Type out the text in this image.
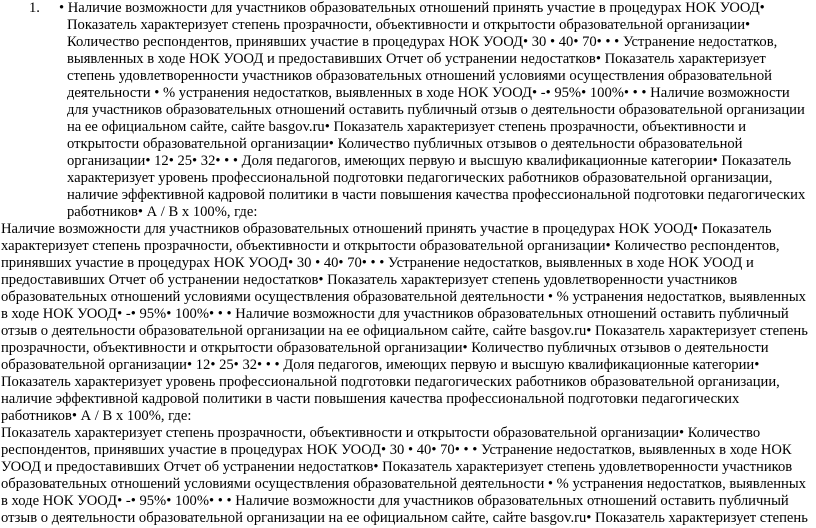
1. • Наличие возможности для участников образовательных отношений принять участие в процедурах НОК УООД• Показатель характеризует степень прозрачности, объективности и открытости образовательной организации• Количество респондентов, принявших участие в процедурах НОК УООД• 30 • 40• 70• • • Устранение недостатков, выявленных в ходе НОК УООД и предоставивших Отчет об устранении недостатков• Показатель характеризует степень удовлетворенности участников образовательных отношений условиями осуществления образовательной деятельности • % устранения недостатков, выявленных в ходе НОК УООД• -• 95%• 100%• • • Наличие возможности для участников образовательных отношений оставить публичный отзыв о деятельности образовательной организации на ее официальном сайте, сайте basgov.ru• Показатель характеризует степень прозрачности, объективности и открытости образовательной организации• Количество публичных отзывов о деятельности образовательной организации• 12• 25• 32• • • Доля педагогов, имеющих первую и высшую квалификационные категории• Показатель характеризует уровень профессиональной подготовки педагогических работников образовательной организации, наличие эффективной кадровой политики в части повышения качества профессиональной подготовки педагогических работников• А / В х 100%, где:

Наличие возможности для участников образовательных отношений принять участие в процедурах НОК УООД• Показатель характеризует степень прозрачности, объективности и открытости образовательной организации• Количество респондентов, принявших участие в процедурах НОК УООД• 30 • 40• 70• • • Устранение недостатков, выявленных в ходе НОК УООД и предоставивших Отчет об устранении недостатков• Показатель характеризует степень удовлетворенности участников образовательных отношений условиями осуществления образовательной деятельности • % устранения недостатков, выявленных в ходе НОК УООД• -• 95%• 100%• • • Наличие возможности для участников образовательных отношений оставить публичный отзыв о деятельности образовательной организации на ее официальном сайте, сайте basgov.ru• Показатель характеризует степень прозрачности, объективности и открытости образовательной организации• Количество публичных отзывов о деятельности образовательной организации• 12• 25• 32• • • Доля педагогов, имеющих первую и высшую квалификационные категории• Показатель характеризует уровень профессиональной подготовки педагогических работников образовательной организации, наличие эффективной кадровой политики в части повышения качества профессиональной подготовки педагогических работников• А / В х 100%, где:

Показатель характеризует степень прозрачности, объективности и открытости образовательной организации• Количество респондентов, принявших участие в процедурах НОК УООД• 30 • 40• 70• • • Устранение недостатков, выявленных в ходе НОК УООД и предоставивших Отчет об устранении недостатков• Показатель характеризует степень удовлетворенности участников образовательных отношений условиями осуществления образовательной деятельности • % устранения недостатков, выявленных в ходе НОК УООД• -• 95%• 100%• • • Наличие возможности для участников образовательных отношений оставить публичный отзыв о деятельности образовательной организации на ее официальном сайте, сайте basgov.ru• Показатель характеризует степень
